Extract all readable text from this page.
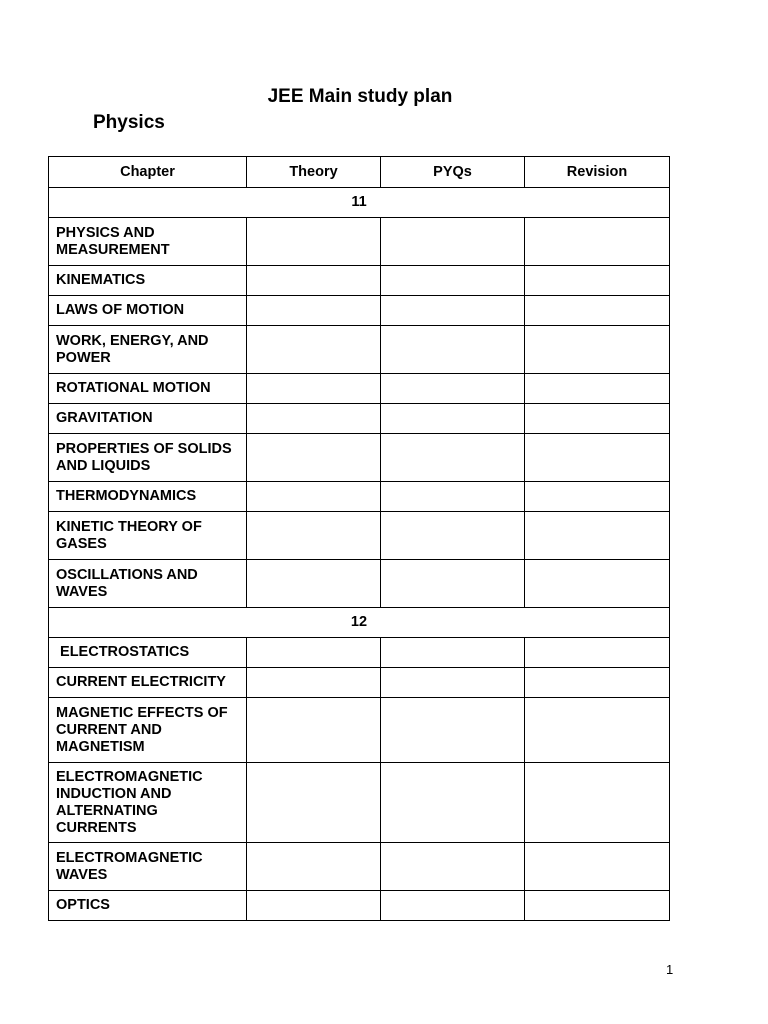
JEE Main study plan
Physics
Chapter	Theory	PYQs	Revision
11			
PHYSICS AND MEASUREMENT			
KINEMATICS			
LAWS OF MOTION			
WORK, ENERGY, AND POWER			
ROTATIONAL MOTION			
GRAVITATION			
PROPERTIES OF SOLIDS AND LIQUIDS			
THERMODYNAMICS			
KINETIC THEORY OF GASES			
OSCILLATIONS AND WAVES			
12			
ELECTROSTATICS			
CURRENT ELECTRICITY			
MAGNETIC EFFECTS OF CURRENT AND MAGNETISM			
ELECTROMAGNETIC INDUCTION AND ALTERNATING CURRENTS			
ELECTROMAGNETIC WAVES			
OPTICS			
1
